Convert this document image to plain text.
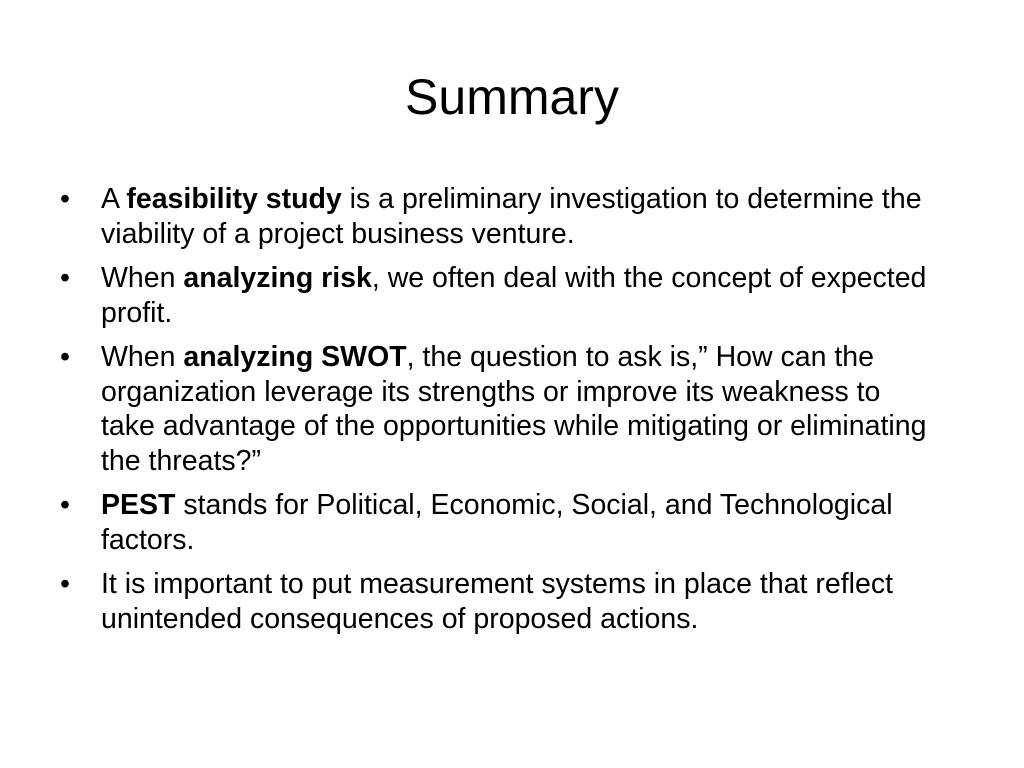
Summary
•	A feasibility study is a preliminary investigation to determine the viability of a project business venture.
•	When analyzing risk, we often deal with the concept of expected profit.
•	When analyzing SWOT, the question to ask is,” How can the organization leverage its strengths or improve its weakness to take advantage of the opportunities while mitigating or eliminating the threats?”
•	PEST stands for Political, Economic, Social, and Technological factors.
•	It is important to put measurement systems in place that reflect unintended consequences of proposed actions.
